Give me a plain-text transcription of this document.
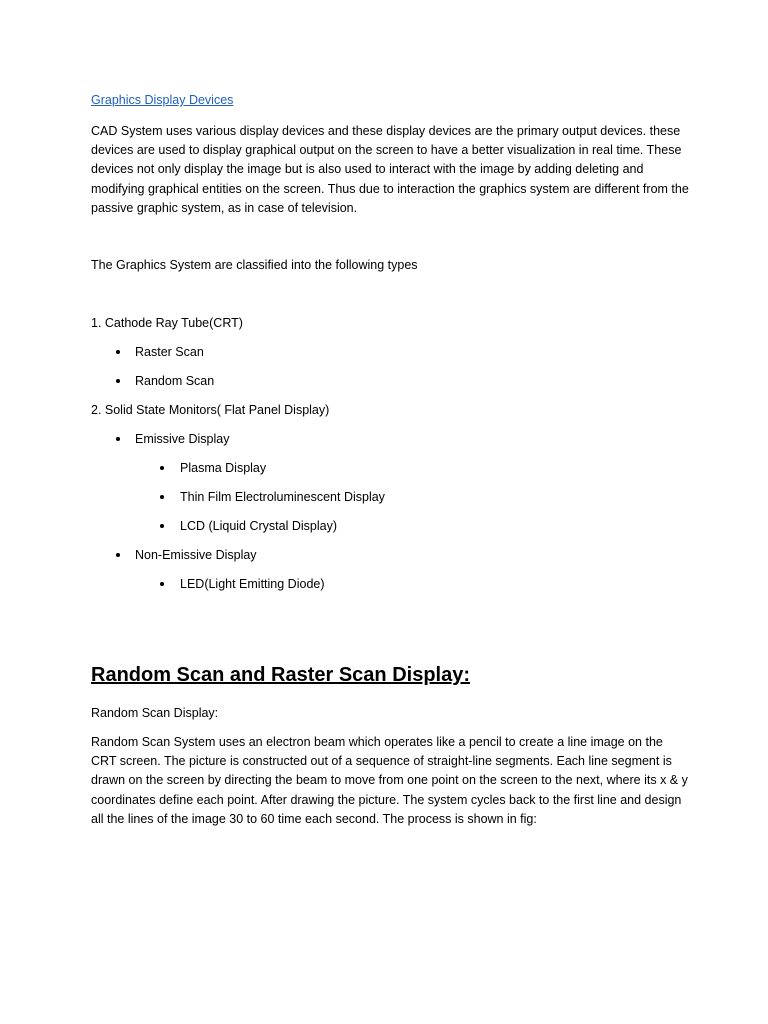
Graphics Display Devices

CAD System uses various display devices and these display devices are the primary output devices. these devices are used to display graphical output on the screen to have a better visualization in real time. These devices not only display the image but is also used to interact with the image by adding deleting and modifying graphical entities on the screen. Thus due to interaction the graphics system are different from the passive graphic system, as in case of television.

The Graphics System are classified into the following types

1. Cathode Ray Tube(CRT)
Raster Scan
Random Scan
2. Solid State Monitors( Flat Panel Display)
Emissive Display
Plasma Display
Thin Film Electroluminescent Display
LCD (Liquid Crystal Display)
Non-Emissive Display
LED(Light Emitting Diode)
Random Scan and Raster Scan Display:
Random Scan Display:

Random Scan System uses an electron beam which operates like a pencil to create a line image on the CRT screen. The picture is constructed out of a sequence of straight-line segments. Each line segment is drawn on the screen by directing the beam to move from one point on the screen to the next, where its x & y coordinates define each point. After drawing the picture. The system cycles back to the first line and design all the lines of the image 30 to 60 time each second. The process is shown in fig:
